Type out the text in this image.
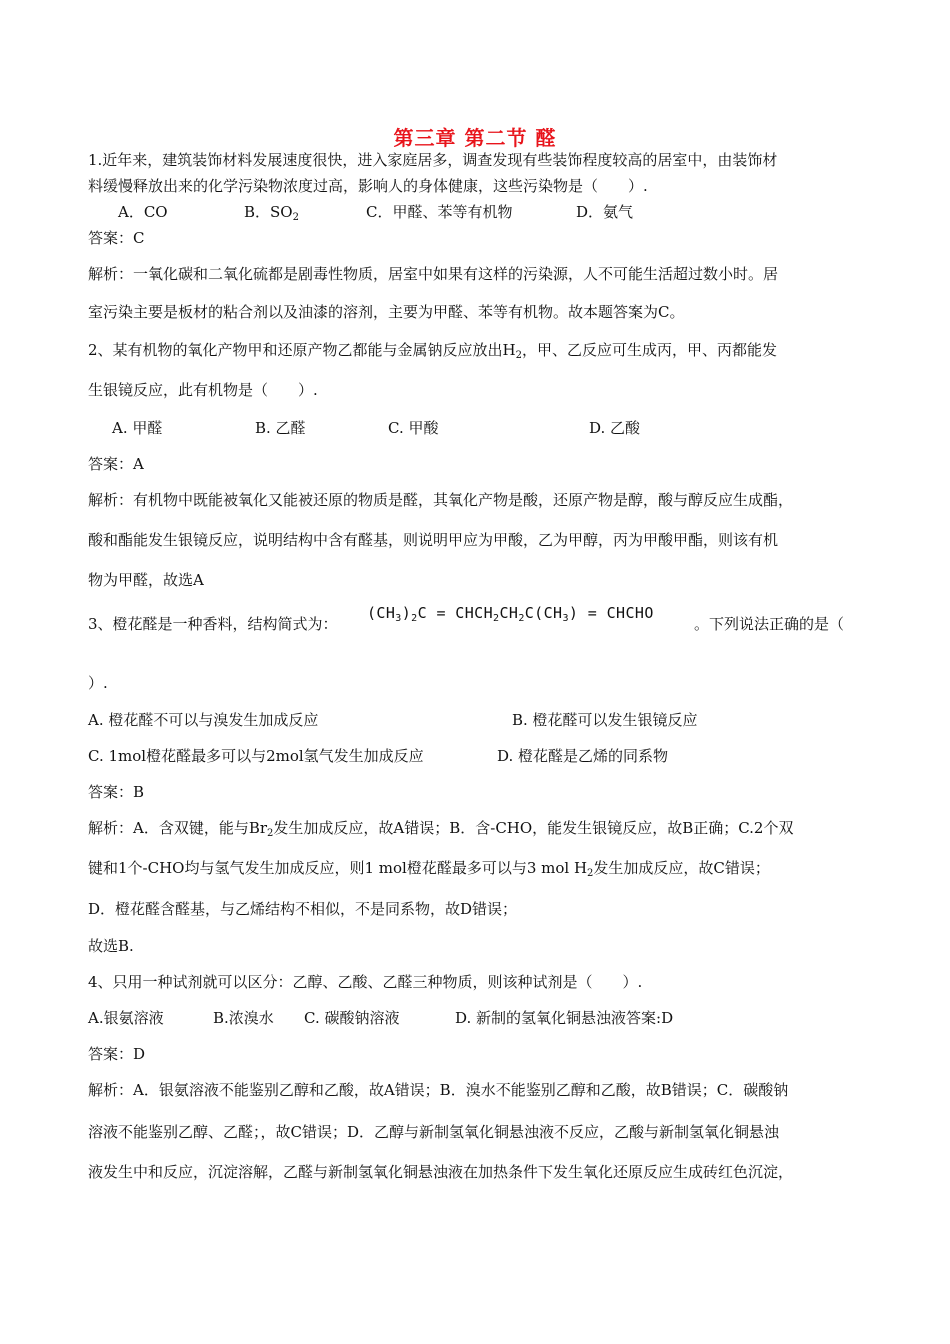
第三章 第二节 醛
1.近年来，建筑装饰材料发展速度很快，进入家庭居多，调查发现有些装饰程度较高的居室中，由装饰材
料缓慢释放出来的化学污染物浓度过高，影响人的身体健康，这些污染物是（　　）.
A．CO	B．$SO_2$	C．甲醛、苯等有机物	D．氨气
答案：C
解析：一氧化碳和二氧化硫都是剧毒性物质，居室中如果有这样的污染源，人不可能生活超过数小时。居
室污染主要是板材的粘合剂以及油漆的溶剂，主要为甲醛、苯等有机物。故本题答案为C。
2、某有机物的氧化产物甲和还原产物乙都能与金属钠反应放出$H_2$，甲、乙反应可生成丙，甲、丙都能发
生银镜反应，此有机物是（　　）.
A. 甲醛	B. 乙醛	C. 甲酸	D. 乙酸
答案：A
解析：有机物中既能被氧化又能被还原的物质是醛，其氧化产物是酸，还原产物是醇，酸与醇反应生成酯，
酸和酯能发生银镜反应，说明结构中含有醛基，则说明甲应为甲酸，乙为甲醇，丙为甲酸甲酯，则该有机
物为甲醛，故选A
3、橙花醛是一种香料，结构简式为：
$(CH_3)_2C$ = $CHCH_2CH_2C(CH_3)$ = CHCHO
。下列说法正确的是（
）.
A. 橙花醛不可以与溴发生加成反应	B. 橙花醛可以发生银镜反应
C. 1mol橙花醛最多可以与2mol氢气发生加成反应	D. 橙花醛是乙烯的同系物
答案：B
解析：A．含双键，能与$Br_2$发生加成反应，故A错误；B．含-CHO，能发生银镜反应，故B正确；C.2个双
键和1个-CHO均与氢气发生加成反应，则1 mol橙花醛最多可以与3 mol $H_2$发生加成反应，故C错误；
D．橙花醛含醛基，与乙烯结构不相似，不是同系物，故D错误；
故选B.
4、只用一种试剂就可以区分：乙醇、乙酸、乙醛三种物质，则该种试剂是（　　）.
A.银氨溶液	B.浓溴水 C. 碳酸钠溶液	D. 新制的氢氧化铜悬浊液答案:D
答案：D
解析：A．银氨溶液不能鉴别乙醇和乙酸，故A错误；B．溴水不能鉴别乙醇和乙酸，故B错误；C．碳酸钠
溶液不能鉴别乙醇、乙醛；，故C错误；D．乙醇与新制氢氧化铜悬浊液不反应，乙酸与新制氢氧化铜悬浊
液发生中和反应，沉淀溶解，乙醛与新制氢氧化铜悬浊液在加热条件下发生氧化还原反应生成砖红色沉淀，
